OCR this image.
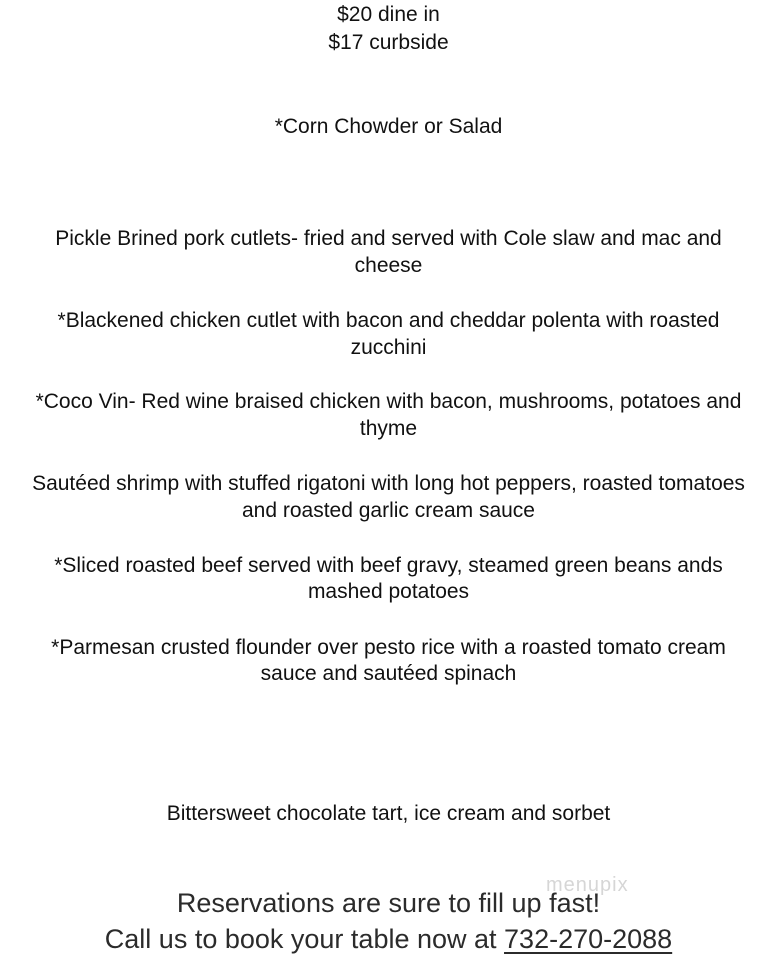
$20 dine in
$17 curbside
*Corn Chowder or Salad
Pickle Brined pork cutlets- fried and served with Cole slaw and mac and
cheese
*Blackened chicken cutlet with bacon and cheddar polenta with roasted
zucchini
*Coco Vin- Red wine braised chicken with bacon, mushrooms, potatoes and
thyme
Sautéed shrimp with stuffed rigatoni with long hot peppers, roasted tomatoes
and roasted garlic cream sauce
*Sliced roasted beef served with beef gravy, steamed green beans ands
mashed potatoes
*Parmesan crusted flounder over pesto rice with a roasted tomato cream
sauce and sautéed spinach
Bittersweet chocolate tart, ice cream and sorbet
menupix
Reservations are sure to fill up fast!
Call us to book your table now at 732-270-2088
